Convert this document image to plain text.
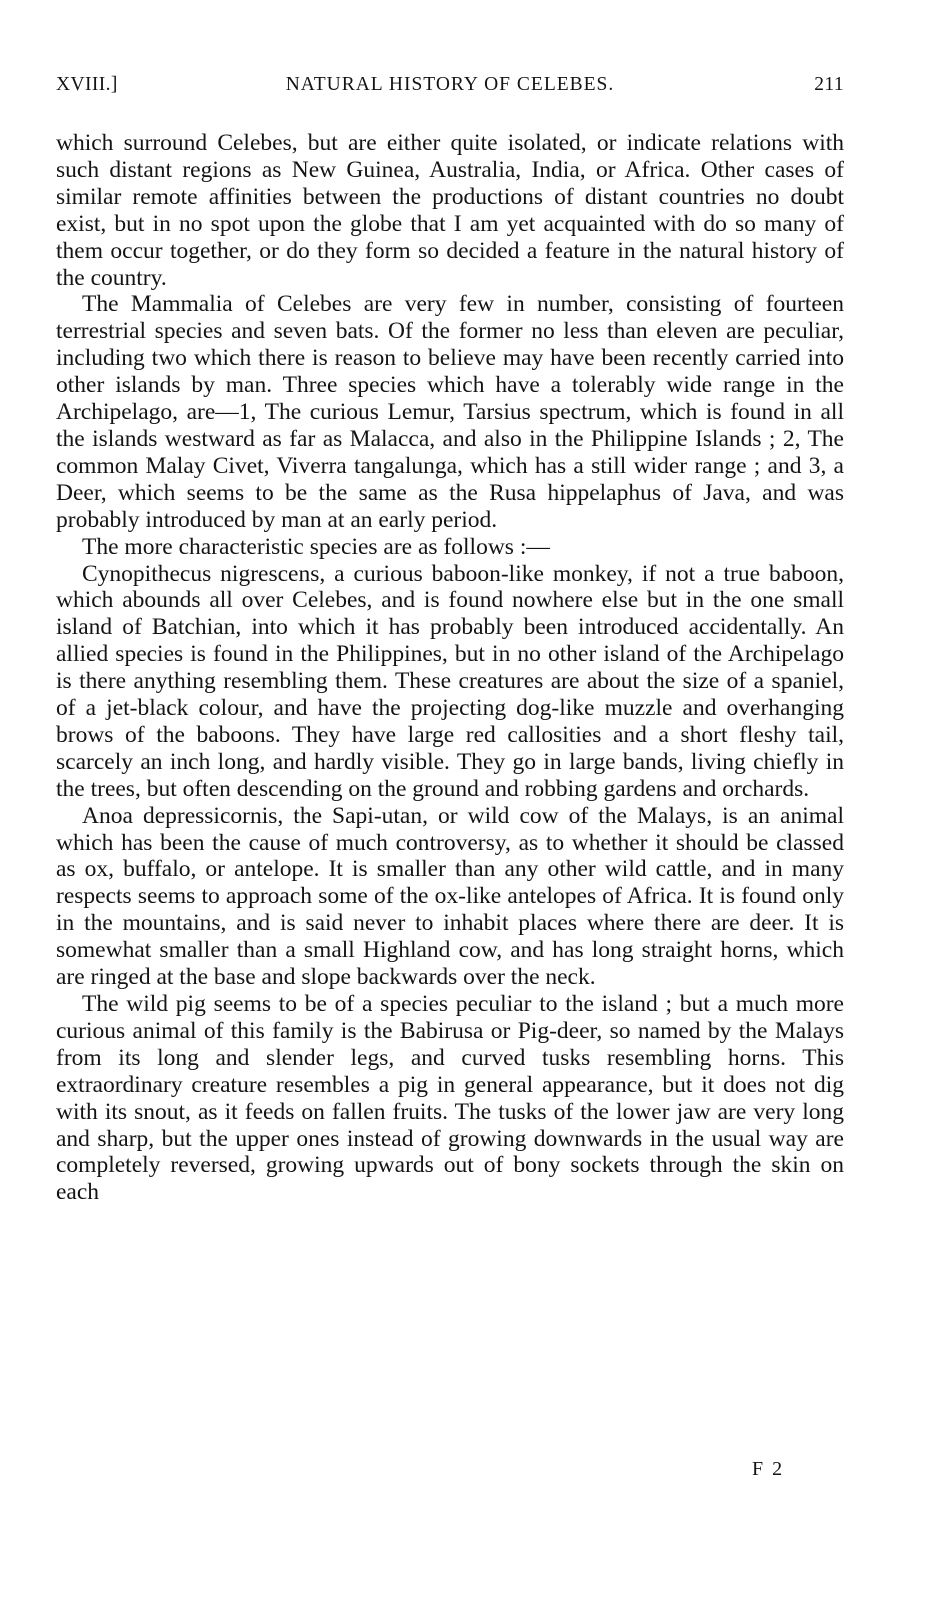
XVIII.]	NATURAL HISTORY OF CELEBES.	211

which surround Celebes, but are either quite isolated, or indicate relations with such distant regions as New Guinea, Australia, India, or Africa. Other cases of similar remote affinities between the productions of distant countries no doubt exist, but in no spot upon the globe that I am yet acquainted with do so many of them occur together, or do they form so decided a feature in the natural history of the country.

The Mammalia of Celebes are very few in number, consisting of fourteen terrestrial species and seven bats. Of the former no less than eleven are peculiar, including two which there is reason to believe may have been recently carried into other islands by man. Three species which have a tolerably wide range in the Archipelago, are—1, The curious Lemur, Tarsius spectrum, which is found in all the islands westward as far as Malacca, and also in the Philippine Islands ; 2, The common Malay Civet, Viverra tangalunga, which has a still wider range ; and 3, a Deer, which seems to be the same as the Rusa hippelaphus of Java, and was probably introduced by man at an early period.

The more characteristic species are as follows :—

Cynopithecus nigrescens, a curious baboon-like monkey, if not a true baboon, which abounds all over Celebes, and is found nowhere else but in the one small island of Batchian, into which it has probably been introduced accidentally. An allied species is found in the Philippines, but in no other island of the Archipelago is there anything resembling them. These creatures are about the size of a spaniel, of a jet-black colour, and have the projecting dog-like muzzle and overhanging brows of the baboons. They have large red callosities and a short fleshy tail, scarcely an inch long, and hardly visible. They go in large bands, living chiefly in the trees, but often descending on the ground and robbing gardens and orchards.

Anoa depressicornis, the Sapi-utan, or wild cow of the Malays, is an animal which has been the cause of much controversy, as to whether it should be classed as ox, buffalo, or antelope. It is smaller than any other wild cattle, and in many respects seems to approach some of the ox-like antelopes of Africa. It is found only in the mountains, and is said never to inhabit places where there are deer. It is somewhat smaller than a small Highland cow, and has long straight horns, which are ringed at the base and slope backwards over the neck.

The wild pig seems to be of a species peculiar to the island ; but a much more curious animal of this family is the Babirusa or Pig-deer, so named by the Malays from its long and slender legs, and curved tusks resembling horns. This extraordinary creature resembles a pig in general appearance, but it does not dig with its snout, as it feeds on fallen fruits. The tusks of the lower jaw are very long and sharp, but the upper ones instead of growing downwards in the usual way are completely reversed, growing upwards out of bony sockets through the skin on each

F 2
